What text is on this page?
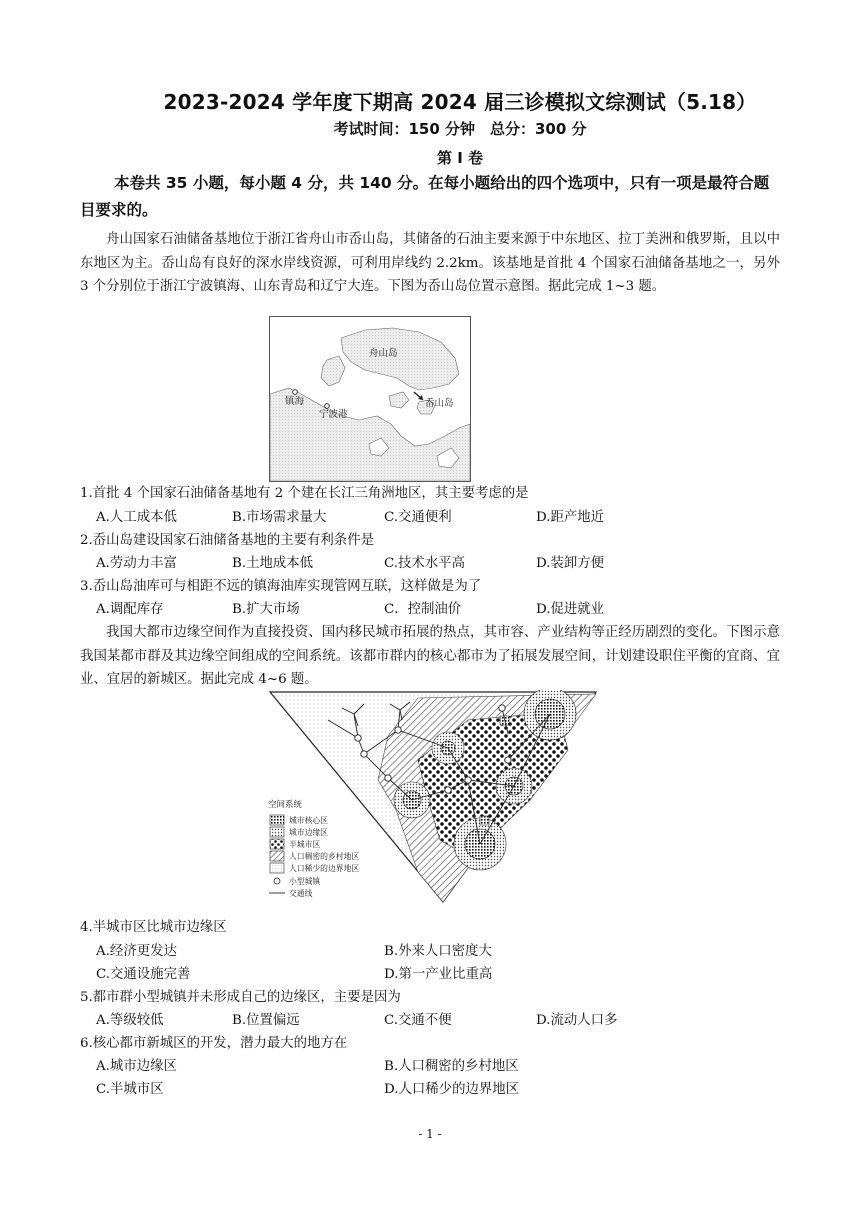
2023-2024 学年度下期高 2024 届三诊模拟文综测试（5.18）
考试时间：150 分钟　总分：300 分
第 Ⅰ 卷
本卷共 35 小题，每小题 4 分，共 140 分。在每小题给出的四个选项中，只有一项是最符合题目要求的。
舟山国家石油储备基地位于浙江省舟山市岙山岛，其储备的石油主要来源于中东地区、拉丁美洲和俄罗斯，且以中东地区为主。岙山岛有良好的深水岸线资源，可利用岸线约 2.2km。该基地是首批 4 个国家石油储备基地之一，另外 3 个分别位于浙江宁波镇海、山东青岛和辽宁大连。下图为岙山岛位置示意图。据此完成 1~3 题。
舟山岛
镇海
宁波港
岙山岛
1.首批 4 个国家石油储备基地有 2 个建在长江三角洲地区，其主要考虑的是
A.人工成本低	B.市场需求量大	C.交通便利	D.距产地近
2.岙山岛建设国家石油储备基地的主要有利条件是
A.劳动力丰富	B.土地成本低	C.技术水平高	D.装卸方便
3.岙山岛油库可与相距不远的镇海油库实现管网互联，这样做是为了
A.调配库存	B.扩大市场	C．控制油价	D.促进就业
我国大都市边缘空间作为直接投资、国内移民城市拓展的热点，其市容、产业结构等正经历剧烈的变化。下图示意我国某都市群及其边缘空间组成的空间系统。该都市群内的核心都市为了拓展发展空间，计划建设职住平衡的宜商、宜业、宜居的新城区。据此完成 4~6 题。
空间系统
城市核心区
城市边缘区
半城市区
人口稠密的乡村地区
人口稀少的边界地区
小型城镇
交通线
4.半城市区比城市边缘区
A.经济更发达	B.外来人口密度大
C.交通设施完善	D.第一产业比重高
5.都市群小型城镇并未形成自己的边缘区，主要是因为
A.等级较低	B.位置偏远	C.交通不便	D.流动人口多
6.核心都市新城区的开发，潜力最大的地方在
A.城市边缘区	B.人口稠密的乡村地区
C.半城市区	D.人口稀少的边界地区
- 1 -
